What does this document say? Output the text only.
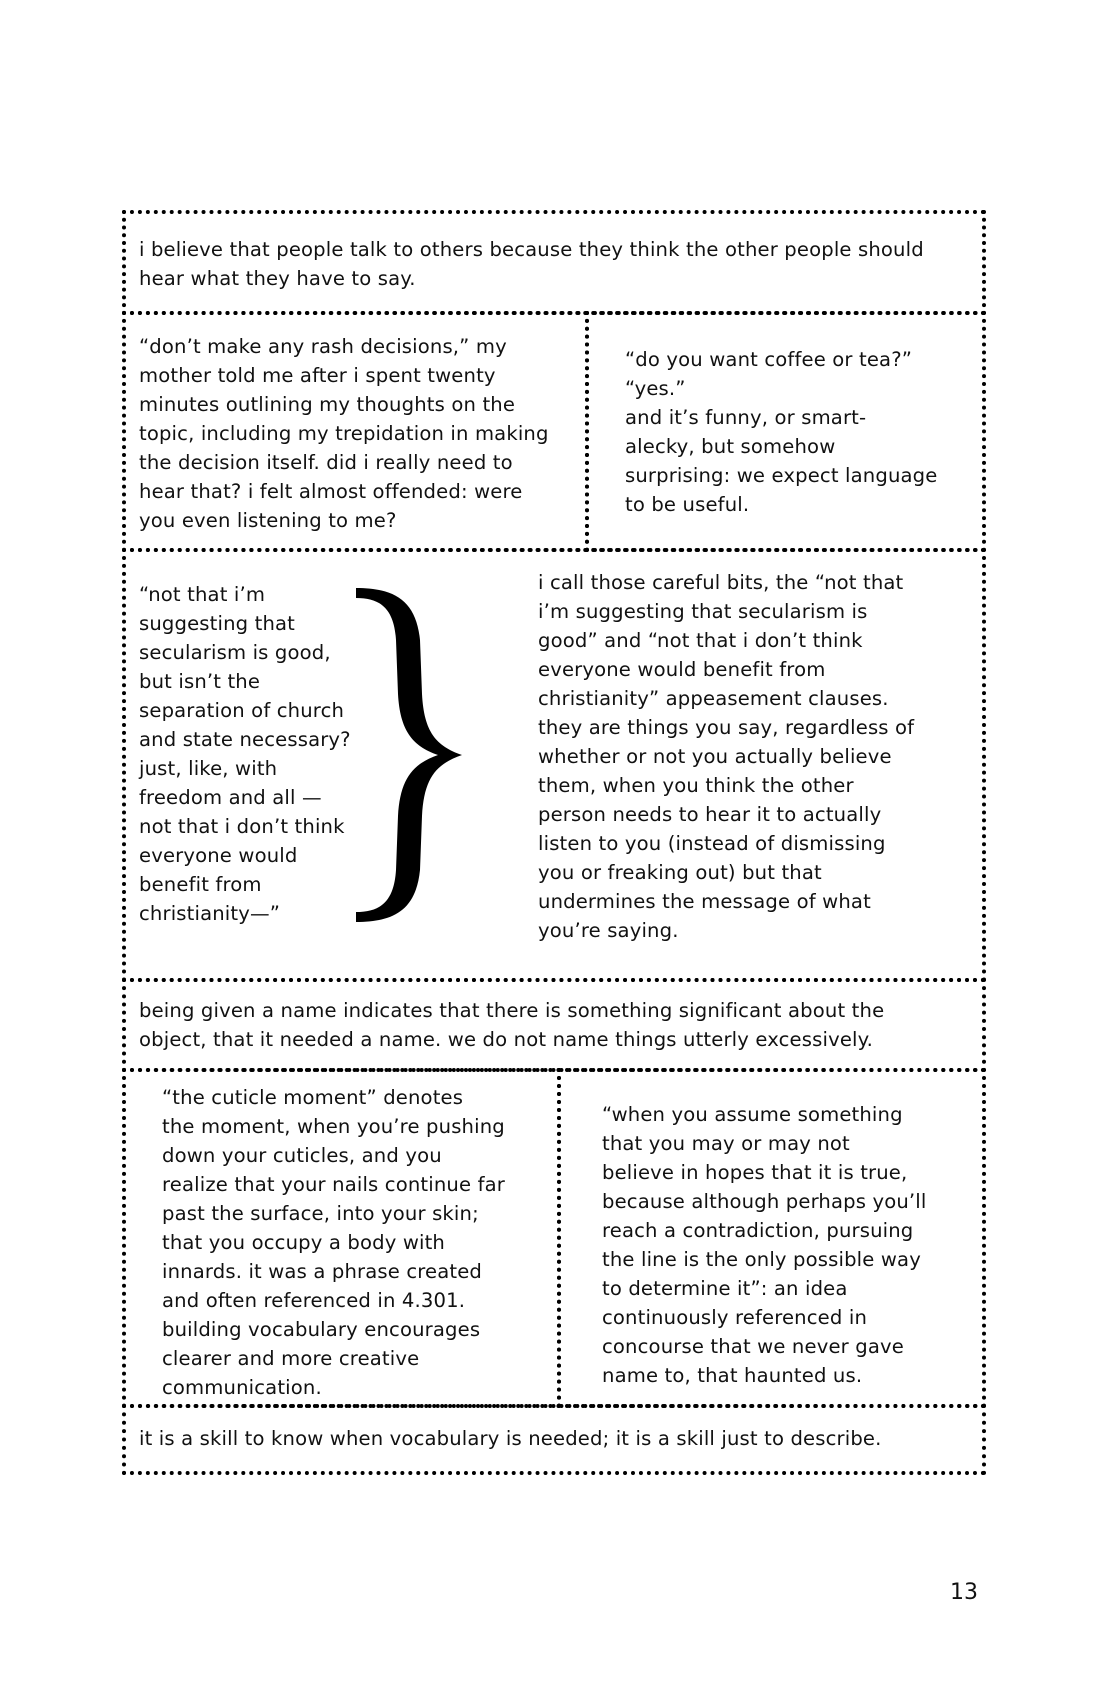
i believe that people talk to others because they think the other people should
hear what they have to say.
“don’t make any rash decisions,” my
mother told me after i spent twenty
minutes outlining my thoughts on the
topic, including my trepidation in making
the decision itself. did i really need to
hear that? i felt almost offended: were
you even listening to me?
“do you want coffee or tea?”
“yes.”
and it’s funny, or smart-
alecky, but somehow
surprising: we expect language
to be useful.
“not that i’m
suggesting that
secularism is good,
but isn’t the
separation of church
and state necessary?
just, like, with
freedom and all —
not that i don’t think
everyone would
benefit from
christianity—”
i call those careful bits, the “not that
i’m suggesting that secularism is
good” and “not that i don’t think
everyone would benefit from
christianity” appeasement clauses.
they are things you say, regardless of
whether or not you actually believe
them, when you think the other
person needs to hear it to actually
listen to you (instead of dismissing
you or freaking out) but that
undermines the message of what
you’re saying.
being given a name indicates that there is something significant about the
object, that it needed a name. we do not name things utterly excessively.
“the cuticle moment” denotes
the moment, when you’re pushing
down your cuticles, and you
realize that your nails continue far
past the surface, into your skin;
that you occupy a body with
innards. it was a phrase created
and often referenced in 4.301.
building vocabulary encourages
clearer and more creative
communication.
“when you assume something
that you may or may not
believe in hopes that it is true,
because although perhaps you’ll
reach a contradiction, pursuing
the line is the only possible way
to determine it”: an idea
continuously referenced in
concourse that we never gave
name to, that haunted us.
it is a skill to know when vocabulary is needed; it is a skill just to describe.
13
